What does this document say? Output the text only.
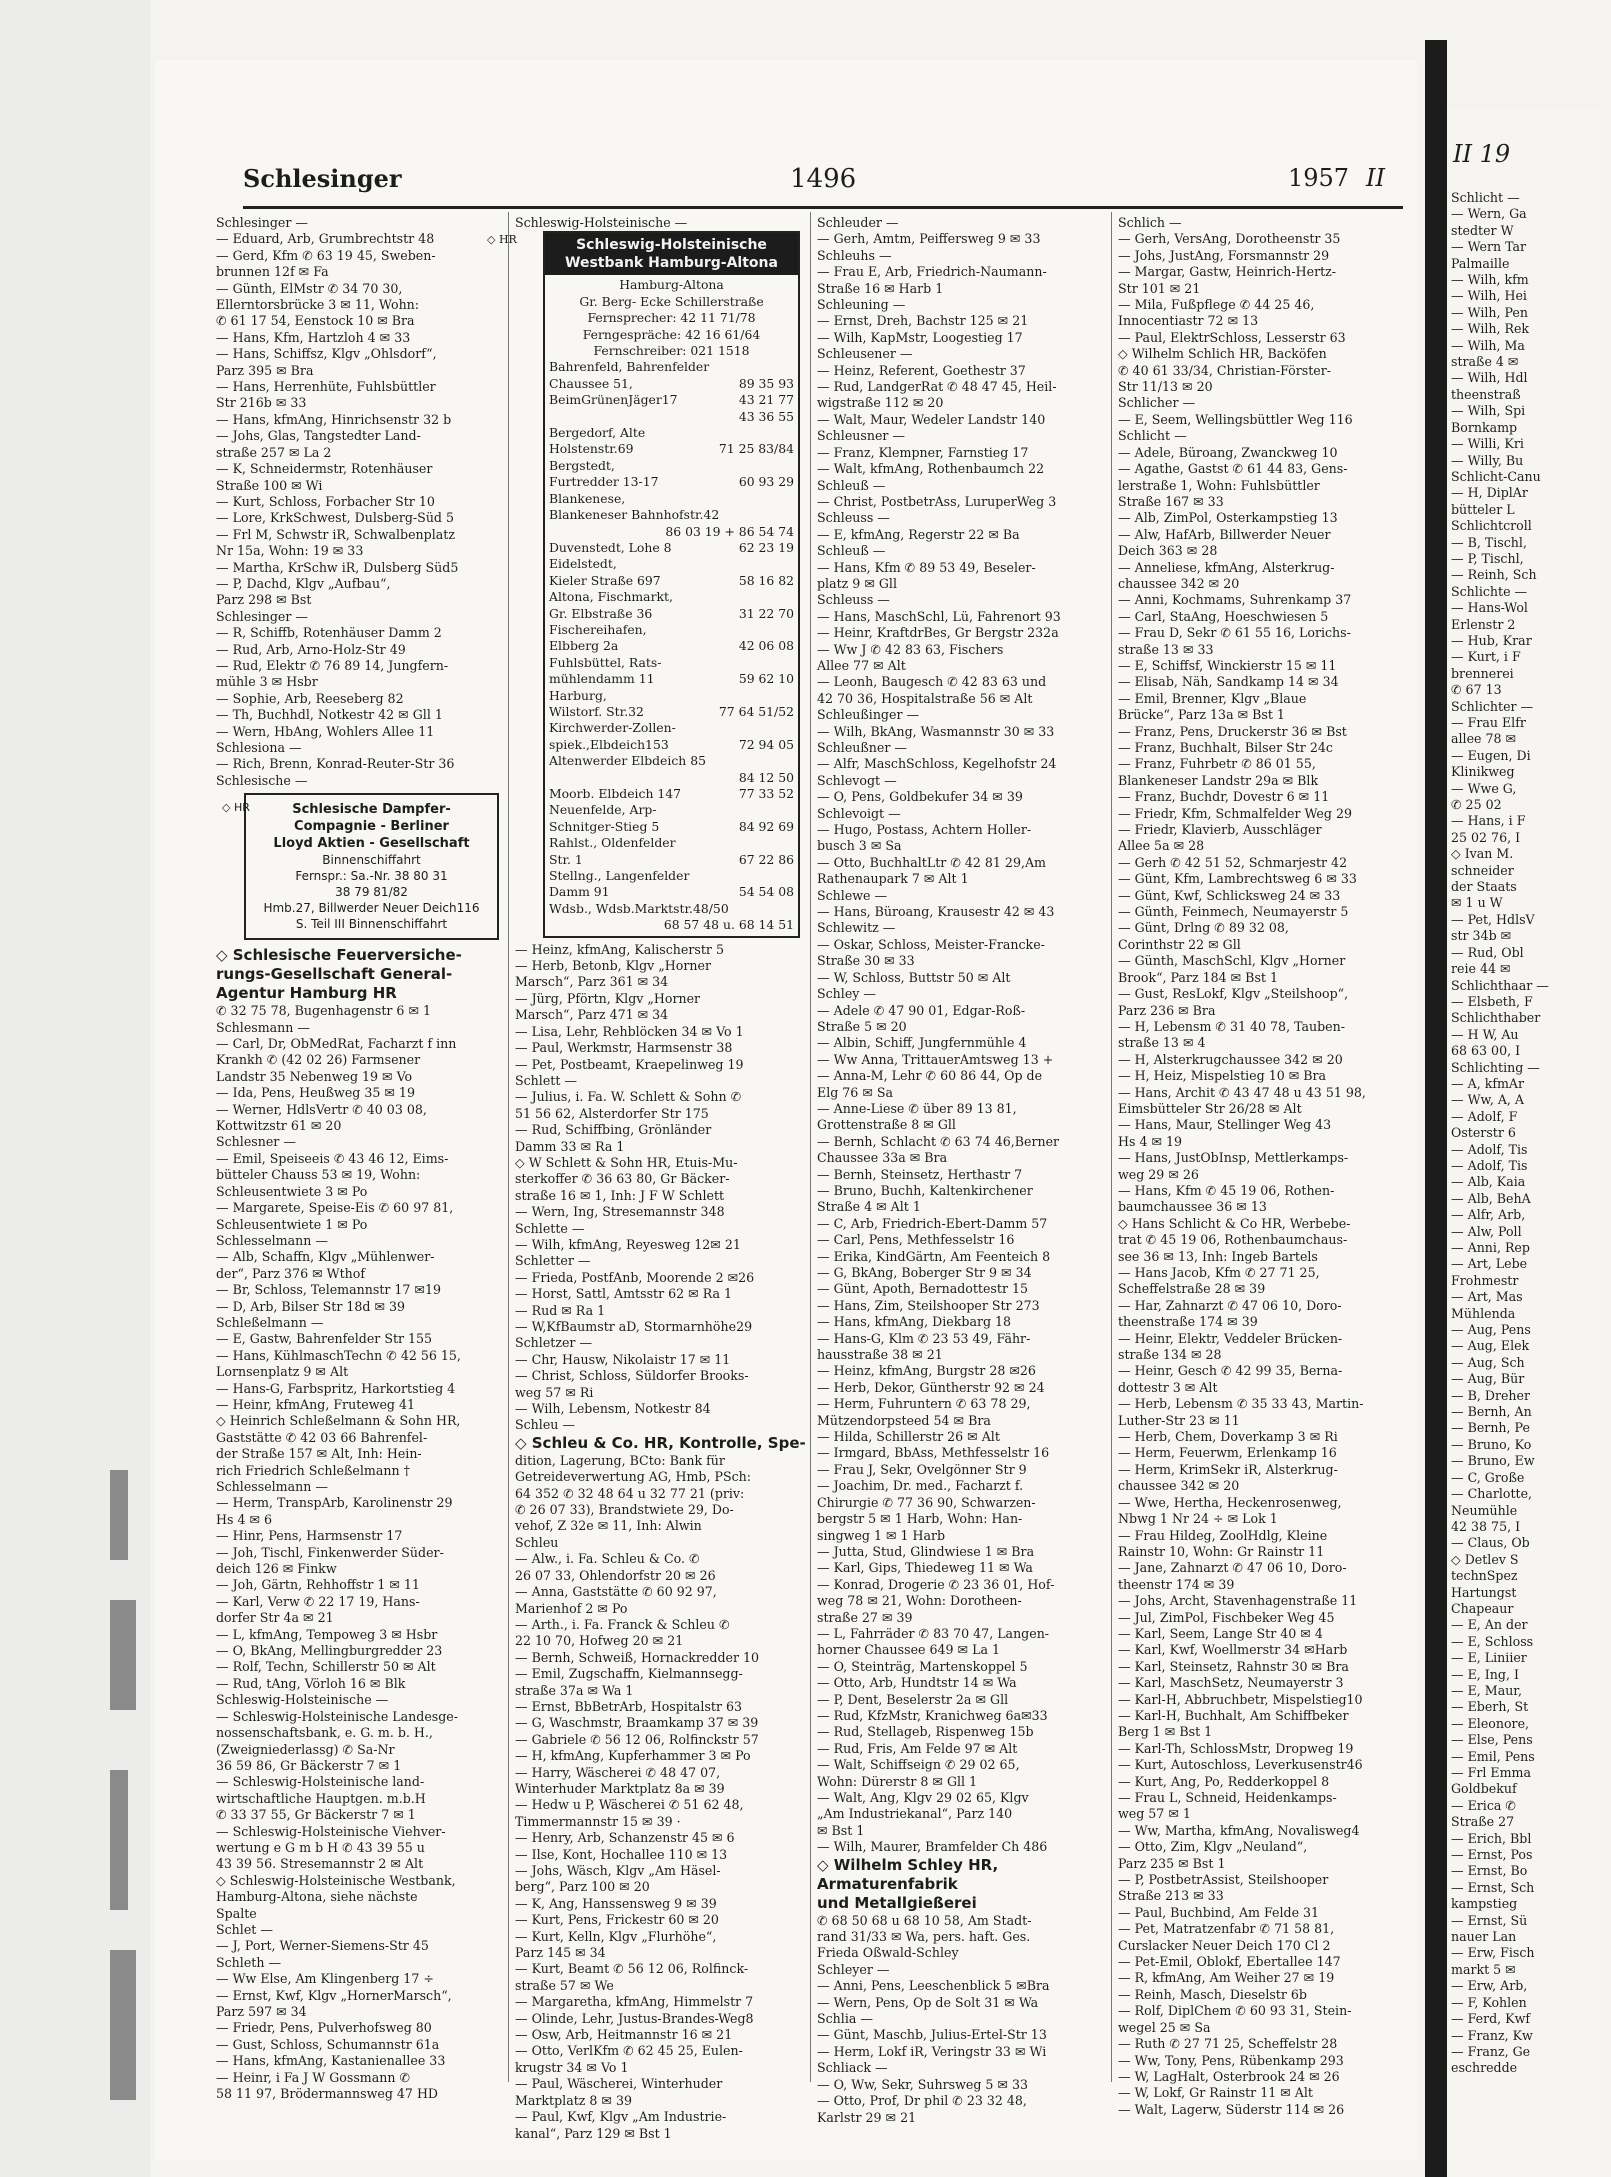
Schlesinger	1496	1957 II
Schlesinger —
— Eduard, Arb, Grumbrechtstr 48
— Gerd, Kfm ✆ 63 19 45, Sweben-
brunnen 12f ✉ Fa
— Günth, ElMstr ✆ 34 70 30,
Ellerntorsbrücke 3 ✉ 11, Wohn:
✆ 61 17 54, Eenstock 10 ✉ Bra
— Hans, Kfm, Hartzloh 4 ✉ 33
— Hans, Schiffsz, Klgv „Ohlsdorf“,
Parz 395 ✉ Bra
— Hans, Herrenhüte, Fuhlsbüttler
Str 216b ✉ 33
— Hans, kfmAng, Hinrichsenstr 32 b
— Johs, Glas, Tangstedter Land-
straße 257 ✉ La 2
— K, Schneidermstr, Rotenhäuser
Straße 100 ✉ Wi
— Kurt, Schloss, Forbacher Str 10
— Lore, KrkSchwest, Dulsberg-Süd 5
— Frl M, Schwstr iR, Schwalbenplatz
Nr 15a, Wohn: 19 ✉ 33
— Martha, KrSchw iR, Dulsberg Süd5
— P, Dachd, Klgv „Aufbau“,
Parz 298 ✉ Bst
Schlesinger —
— R, Schiffb, Rotenhäuser Damm 2
— Rud, Arb, Arno-Holz-Str 49
— Rud, Elektr ✆ 76 89 14, Jungfern-
mühle 3 ✉ Hsbr
— Sophie, Arb, Reeseberg 82
— Th, Buchhdl, Notkestr 42 ✉ Gll 1
— Wern, HbAng, Wohlers Allee 11
Schlesiona —
— Rich, Brenn, Konrad-Reuter-Str 36
Schlesische —
◇ HR	Schlesische Dampfer-
Compagnie - Berliner
Lloyd Aktien - Gesellschaft
Binnenschiffahrt
Fernspr.: Sa.-Nr. 38 80 31
38 79 81/82
Hmb.27, Billwerder Neuer Deich116
S. Teil III Binnenschiffahrt
◇ Schlesische Feuerversiche-
rungs-Gesellschaft General-
Agentur Hamburg HR
✆ 32 75 78, Bugenhagenstr 6 ✉ 1
Schlesmann —
— Carl, Dr, ObMedRat, Facharzt f inn
Krankh ✆ (42 02 26) Farmsener
Landstr 35 Nebenweg 19 ✉ Vo
— Ida, Pens, Heußweg 35 ✉ 19
— Werner, HdlsVertr ✆ 40 03 08,
Kottwitzstr 61 ✉ 20
Schlesner —
— Emil, Speiseeis ✆ 43 46 12, Eims-
bütteler Chauss 53 ✉ 19, Wohn:
Schleusentwiete 3 ✉ Po
— Margarete, Speise-Eis ✆ 60 97 81,
Schleusentwiete 1 ✉ Po
Schlesselmann —
— Alb, Schaffn, Klgv „Mühlenwer-
der“, Parz 376 ✉ Wthof
— Br, Schloss, Telemannstr 17 ✉19
— D, Arb, Bilser Str 18d ✉ 39
Schleßelmann —
— E, Gastw, Bahrenfelder Str 155
— Hans, KühlmaschTechn ✆ 42 56 15,
Lornsenplatz 9 ✉ Alt
— Hans-G, Farbspritz, Harkortstieg 4
— Heinr, kfmAng, Fruteweg 41
◇ Heinrich Schleßelmann & Sohn HR,
Gaststätte ✆ 42 03 66 Bahrenfel-
der Straße 157 ✉ Alt, Inh: Hein-
rich Friedrich Schleßelmann †
Schlesselmann —
— Herm, TranspArb, Karolinenstr 29
Hs 4 ✉ 6
— Hinr, Pens, Harmsenstr 17
— Joh, Tischl, Finkenwerder Süder-
deich 126 ✉ Finkw
— Joh, Gärtn, Rehhoffstr 1 ✉ 11
— Karl, Verw ✆ 22 17 19, Hans-
dorfer Str 4a ✉ 21
— L, kfmAng, Tempoweg 3 ✉ Hsbr
— O, BkAng, Mellingburgredder 23
— Rolf, Techn, Schillerstr 50 ✉ Alt
— Rud, tAng, Vörloh 16 ✉ Blk
Schleswig-Holsteinische —
— Schleswig-Holsteinische Landesge-
nossenschaftsbank, e. G. m. b. H.,
(Zweigniederlassg) ✆ Sa-Nr
36 59 86, Gr Bäckerstr 7 ✉ 1
— Schleswig-Holsteinische land-
wirtschaftliche Hauptgen. m.b.H
✆ 33 37 55, Gr Bäckerstr 7 ✉ 1
— Schleswig-Holsteinische Viehver-
wertung e G m b H ✆ 43 39 55 u
43 39 56. Stresemannstr 2 ✉ Alt
◇ Schleswig-Holsteinische Westbank,
Hamburg-Altona, siehe nächste
Spalte
Schlet —
— J, Port, Werner-Siemens-Str 45
Schleth —
— Ww Else, Am Klingenberg 17 ÷
— Ernst, Kwf, Klgv „HornerMarsch“,
Parz 597 ✉ 34
— Friedr, Pens, Pulverhofsweg 80
— Gust, Schloss, Schumannstr 61a
— Hans, kfmAng, Kastanienallee 33
— Heinr, i Fa J W Gossmann ✆
58 11 97, Brödermannsweg 47 HD
Schleswig-Holsteinische —
◇ HR	Schleswig-Holsteinische
Westbank Hamburg-Altona
Hamburg-Altona
Gr. Berg- Ecke Schillerstraße
Fernsprecher: 42 11 71/78
Ferngespräche: 42 16 61/64
Fernschreiber: 021 1518
Bahrenfeld, Bahrenfelder
Chaussee 51,	89 35 93
BeimGrünenJäger17	43 21 77
43 36 55
Bergedorf, Alte
Holstenstr.69	71 25 83/84
Bergstedt,
Furtredder 13-17	60 93 29
Blankenese,
Blankeneser Bahnhofstr.42
86 03 19 + 86 54 74
Duvenstedt, Lohe 8	62 23 19
Eidelstedt,
Kieler Straße 697	58 16 82
Altona, Fischmarkt,
Gr. Elbstraße 36	31 22 70
Fischereihafen,
Elbberg 2a	42 06 08
Fuhlsbüttel, Rats-
mühlendamm 11	59 62 10
Harburg,
Wilstorf. Str.32	77 64 51/52
Kirchwerder-Zollen-
spiek.,Elbdeich153	72 94 05
Altenwerder Elbdeich 85
84 12 50
Moorb. Elbdeich 147	77 33 52
Neuenfelde, Arp-
Schnitger-Stieg 5	84 92 69
Rahlst., Oldenfelder
Str. 1	67 22 86
Stellng., Langenfelder
Damm 91	54 54 08
Wdsb., Wdsb.Marktstr.48/50
68 57 48 u. 68 14 51
— Heinz, kfmAng, Kalischerstr 5
— Herb, Betonb, Klgv „Horner
Marsch“, Parz 361 ✉ 34
— Jürg, Pförtn, Klgv „Horner
Marsch“, Parz 471 ✉ 34
— Lisa, Lehr, Rehblöcken 34 ✉ Vo 1
— Paul, Werkmstr, Harmsenstr 38
— Pet, Postbeamt, Kraepelinweg 19
Schlett —
— Julius, i. Fa. W. Schlett & Sohn ✆
51 56 62, Alsterdorfer Str 175
— Rud, Schiffbing, Grönländer
Damm 33 ✉ Ra 1
◇ W Schlett & Sohn HR, Etuis-Mu-
sterkoffer ✆ 36 63 80, Gr Bäcker-
straße 16 ✉ 1, Inh: J F W Schlett
— Wern, Ing, Stresemannstr 348
Schlette —
— Wilh, kfmAng, Reyesweg 12✉ 21
Schletter —
— Frieda, PostfAnb, Moorende 2 ✉26
— Horst, Sattl, Amtsstr 62 ✉ Ra 1
— Rud ✉ Ra 1
— W,KfBaumstr aD, Stormarnhöhe29
Schletzer —
— Chr, Hausw, Nikolaistr 17 ✉ 11
— Christ, Schloss, Süldorfer Brooks-
weg 57 ✉ Ri
— Wilh, Lebensm, Notkestr 84
Schleu —
◇ Schleu & Co. HR, Kontrolle, Spe-
dition, Lagerung, BCto: Bank für
Getreideverwertung AG, Hmb, PSch:
64 352 ✆ 32 48 64 u 32 77 21 (priv:
✆ 26 07 33), Brandstwiete 29, Do-
vehof, Z 32e ✉ 11, Inh: Alwin
Schleu
— Alw., i. Fa. Schleu & Co. ✆
26 07 33, Ohlendorfstr 20 ✉ 26
— Anna, Gaststätte ✆ 60 92 97,
Marienhof 2 ✉ Po
— Arth., i. Fa. Franck & Schleu ✆
22 10 70, Hofweg 20 ✉ 21
— Bernh, Schweiß, Hornackredder 10
— Emil, Zugschaffn, Kielmannsegg-
straße 37a ✉ Wa 1
— Ernst, BbBetrArb, Hospitalstr 63
— G, Waschmstr, Braamkamp 37 ✉ 39
— Gabriele ✆ 56 12 06, Rolfinckstr 57
— H, kfmAng, Kupferhammer 3 ✉ Po
— Harry, Wäscherei ✆ 48 47 07,
Winterhuder Marktplatz 8a ✉ 39
— Hedw u P, Wäscherei ✆ 51 62 48,
Timmermannstr 15 ✉ 39 ·
— Henry, Arb, Schanzenstr 45 ✉ 6
— Ilse, Kont, Hochallee 110 ✉ 13
— Johs, Wäsch, Klgv „Am Häsel-
berg“, Parz 100 ✉ 20
— K, Ang, Hanssensweg 9 ✉ 39
— Kurt, Pens, Frickestr 60 ✉ 20
— Kurt, Kelln, Klgv „Flurhöhe“,
Parz 145 ✉ 34
— Kurt, Beamt ✆ 56 12 06, Rolfinck-
straße 57 ✉ We
— Margaretha, kfmAng, Himmelstr 7
— Olinde, Lehr, Justus-Brandes-Weg8
— Osw, Arb, Heitmannstr 16 ✉ 21
— Otto, VerlKfm ✆ 62 45 25, Eulen-
krugstr 34 ✉ Vo 1
— Paul, Wäscherei, Winterhuder
Marktplatz 8 ✉ 39
— Paul, Kwf, Klgv „Am Industrie-
kanal“, Parz 129 ✉ Bst 1
Schleuder —
— Gerh, Amtm, Peiffersweg 9 ✉ 33
Schleuhs —
— Frau E, Arb, Friedrich-Naumann-
Straße 16 ✉ Harb 1
Schleuning —
— Ernst, Dreh, Bachstr 125 ✉ 21
— Wilh, KapMstr, Loogestieg 17
Schleusener —
— Heinz, Referent, Goethestr 37
— Rud, LandgerRat ✆ 48 47 45, Heil-
wigstraße 112 ✉ 20
— Walt, Maur, Wedeler Landstr 140
Schleusner —
— Franz, Klempner, Farnstieg 17
— Walt, kfmAng, Rothenbaumch 22
Schleuß —
— Christ, PostbetrAss, LuruperWeg 3
Schleuss —
— E, kfmAng, Regerstr 22 ✉ Ba
Schleuß —
— Hans, Kfm ✆ 89 53 49, Beseler-
platz 9 ✉ Gll
Schleuss —
— Hans, MaschSchl, Lü, Fahrenort 93
— Heinr, KraftdrBes, Gr Bergstr 232a
— Ww J ✆ 42 83 63, Fischers
Allee 77 ✉ Alt
— Leonh, Baugesch ✆ 42 83 63 und
42 70 36, Hospitalstraße 56 ✉ Alt
Schleußinger —
— Wilh, BkAng, Wasmannstr 30 ✉ 33
Schleußner —
— Alfr, MaschSchloss, Kegelhofstr 24
Schlevogt —
— O, Pens, Goldbekufer 34 ✉ 39
Schlevoigt —
— Hugo, Postass, Achtern Holler-
busch 3 ✉ Sa
— Otto, BuchhaltLtr ✆ 42 81 29,Am
Rathenaupark 7 ✉ Alt 1
Schlewe —
— Hans, Büroang, Krausestr 42 ✉ 43
Schlewitz —
— Oskar, Schloss, Meister-Francke-
Straße 30 ✉ 33
— W, Schloss, Buttstr 50 ✉ Alt
Schley —
— Adele ✆ 47 90 01, Edgar-Roß-
Straße 5 ✉ 20
— Albin, Schiff, Jungfernmühle 4
— Ww Anna, TrittauerAmtsweg 13 +
— Anna-M, Lehr ✆ 60 86 44, Op de
Elg 76 ✉ Sa
— Anne-Liese ✆ über 89 13 81,
Grottenstraße 8 ✉ Gll
— Bernh, Schlacht ✆ 63 74 46,Berner
Chaussee 33a ✉ Bra
— Bernh, Steinsetz, Herthastr 7
— Bruno, Buchh, Kaltenkirchener
Straße 4 ✉ Alt 1
— C, Arb, Friedrich-Ebert-Damm 57
— Carl, Pens, Methfesselstr 16
— Erika, KindGärtn, Am Feenteich 8
— G, BkAng, Boberger Str 9 ✉ 34
— Günt, Apoth, Bernadottestr 15
— Hans, Zim, Steilshooper Str 273
— Hans, kfmAng, Diekbarg 18
— Hans-G, Klm ✆ 23 53 49, Fähr-
hausstraße 38 ✉ 21
— Heinz, kfmAng, Burgstr 28 ✉26
— Herb, Dekor, Güntherstr 92 ✉ 24
— Herm, Fuhruntern ✆ 63 78 29,
Mützendorpsteed 54 ✉ Bra
— Hilda, Schillerstr 26 ✉ Alt
— Irmgard, BbAss, Methfesselstr 16
— Frau J, Sekr, Ovelgönner Str 9
— Joachim, Dr. med., Facharzt f.
Chirurgie ✆ 77 36 90, Schwarzen-
bergstr 5 ✉ 1 Harb, Wohn: Han-
singweg 1 ✉ 1 Harb
— Jutta, Stud, Glindwiese 1 ✉ Bra
— Karl, Gips, Thiedeweg 11 ✉ Wa
— Konrad, Drogerie ✆ 23 36 01, Hof-
weg 78 ✉ 21, Wohn: Dorotheen-
straße 27 ✉ 39
— L, Fahrräder ✆ 83 70 47, Langen-
horner Chaussee 649 ✉ La 1
— O, Steinträg, Martenskoppel 5
— Otto, Arb, Hundtstr 14 ✉ Wa
— P, Dent, Beselerstr 2a ✉ Gll
— Rud, KfzMstr, Kranichweg 6a✉33
— Rud, Stellageb, Rispenweg 15b
— Rud, Fris, Am Felde 97 ✉ Alt
— Walt, Schiffseign ✆ 29 02 65,
Wohn: Dürerstr 8 ✉ Gll 1
— Walt, Ang, Klgv 29 02 65, Klgv
„Am Industriekanal“, Parz 140
✉ Bst 1
— Wilh, Maurer, Bramfelder Ch 486
◇ Wilhelm Schley HR,
Armaturenfabrik
und Metallgießerei
✆ 68 50 68 u 68 10 58, Am Stadt-
rand 31/33 ✉ Wa, pers. haft. Ges.
Frieda Oßwald-Schley
Schleyer —
— Anni, Pens, Leeschenblick 5 ✉Bra
— Wern, Pens, Op de Solt 31 ✉ Wa
Schlia —
— Günt, Maschb, Julius-Ertel-Str 13
— Herm, Lokf iR, Veringstr 33 ✉ Wi
Schliack —
— O, Ww, Sekr, Suhrsweg 5 ✉ 33
— Otto, Prof, Dr phil ✆ 23 32 48,
Karlstr 29 ✉ 21
Schlich —
— Gerh, VersAng, Dorotheenstr 35
— Johs, JustAng, Forsmannstr 29
— Margar, Gastw, Heinrich-Hertz-
Str 101 ✉ 21
— Mila, Fußpflege ✆ 44 25 46,
Innocentiastr 72 ✉ 13
— Paul, ElektrSchloss, Lesserstr 63
◇ Wilhelm Schlich HR, Backöfen
✆ 40 61 33/34, Christian-Förster-
Str 11/13 ✉ 20
Schlicher —
— E, Seem, Wellingsbüttler Weg 116
Schlicht —
— Adele, Büroang, Zwanckweg 10
— Agathe, Gastst ✆ 61 44 83, Gens-
lerstraße 1, Wohn: Fuhlsbüttler
Straße 167 ✉ 33
— Alb, ZimPol, Osterkampstieg 13
— Alw, HafArb, Billwerder Neuer
Deich 363 ✉ 28
— Anneliese, kfmAng, Alsterkrug-
chaussee 342 ✉ 20
— Anni, Kochmams, Suhrenkamp 37
— Carl, StaAng, Hoeschwiesen 5
— Frau D, Sekr ✆ 61 55 16, Lorichs-
straße 13 ✉ 33
— E, Schiffsf, Winckierstr 15 ✉ 11
— Elisab, Näh, Sandkamp 14 ✉ 34
— Emil, Brenner, Klgv „Blaue
Brücke“, Parz 13a ✉ Bst 1
— Franz, Pens, Druckerstr 36 ✉ Bst
— Franz, Buchhalt, Bilser Str 24c
— Franz, Fuhrbetr ✆ 86 01 55,
Blankeneser Landstr 29a ✉ Blk
— Franz, Buchdr, Dovestr 6 ✉ 11
— Friedr, Kfm, Schmalfelder Weg 29
— Friedr, Klavierb, Ausschläger
Allee 5a ✉ 28
— Gerh ✆ 42 51 52, Schmarjestr 42
— Günt, Kfm, Lambrechtsweg 6 ✉ 33
— Günt, Kwf, Schlicksweg 24 ✉ 33
— Günth, Feinmech, Neumayerstr 5
— Günt, Drlng ✆ 89 32 08,
Corinthstr 22 ✉ Gll
— Günth, MaschSchl, Klgv „Horner
Brook“, Parz 184 ✉ Bst 1
— Gust, ResLokf, Klgv „Steilshoop“,
Parz 236 ✉ Bra
— H, Lebensm ✆ 31 40 78, Tauben-
straße 13 ✉ 4
— H, Alsterkrugchaussee 342 ✉ 20
— H, Heiz, Mispelstieg 10 ✉ Bra
— Hans, Archit ✆ 43 47 48 u 43 51 98,
Eimsbütteler Str 26/28 ✉ Alt
— Hans, Maur, Stellinger Weg 43
Hs 4 ✉ 19
— Hans, JustObInsp, Mettlerkamps-
weg 29 ✉ 26
— Hans, Kfm ✆ 45 19 06, Rothen-
baumchaussee 36 ✉ 13
◇ Hans Schlicht & Co HR, Werbebe-
trat ✆ 45 19 06, Rothenbaumchaus-
see 36 ✉ 13, Inh: Ingeb Bartels
— Hans Jacob, Kfm ✆ 27 71 25,
Scheffelstraße 28 ✉ 39
— Har, Zahnarzt ✆ 47 06 10, Doro-
theenstraße 174 ✉ 39
— Heinr, Elektr, Veddeler Brücken-
straße 134 ✉ 28
— Heinr, Gesch ✆ 42 99 35, Berna-
dottestr 3 ✉ Alt
— Herb, Lebensm ✆ 35 33 43, Martin-
Luther-Str 23 ✉ 11
— Herb, Chem, Doverkamp 3 ✉ Ri
— Herm, Feuerwm, Erlenkamp 16
— Herm, KrimSekr iR, Alsterkrug-
chaussee 342 ✉ 20
— Wwe, Hertha, Heckenrosenweg,
Nbwg 1 Nr 24 ÷ ✉ Lok 1
— Frau Hildeg, ZoolHdlg, Kleine
Rainstr 10, Wohn: Gr Rainstr 11
— Jane, Zahnarzt ✆ 47 06 10, Doro-
theenstr 174 ✉ 39
— Johs, Archt, Stavenhagenstraße 11
— Jul, ZimPol, Fischbeker Weg 45
— Karl, Seem, Lange Str 40 ✉ 4
— Karl, Kwf, Woellmerstr 34 ✉Harb
— Karl, Steinsetz, Rahnstr 30 ✉ Bra
— Karl, MaschSetz, Neumayerstr 3
— Karl-H, Abbruchbetr, Mispelstieg10
— Karl-H, Buchhalt, Am Schiffbeker
Berg 1 ✉ Bst 1
— Karl-Th, SchlossMstr, Dropweg 19
— Kurt, Autoschloss, Leverkusenstr46
— Kurt, Ang, Po, Redderkoppel 8
— Frau L, Schneid, Heidenkamps-
weg 57 ✉ 1
— Ww, Martha, kfmAng, Novalisweg4
— Otto, Zim, Klgv „Neuland“,
Parz 235 ✉ Bst 1
— P, PostbetrAssist, Steilshooper
Straße 213 ✉ 33
— Paul, Buchbind, Am Felde 31
— Pet, Matratzenfabr ✆ 71 58 81,
Curslacker Neuer Deich 170 Cl 2
— Pet-Emil, Oblokf, Ebertallee 147
— R, kfmAng, Am Weiher 27 ✉ 19
— Reinh, Masch, Dieselstr 6b
— Rolf, DiplChem ✆ 60 93 31, Stein-
wegel 25 ✉ Sa
— Ruth ✆ 27 71 25, Scheffelstr 28
— Ww, Tony, Pens, Rübenkamp 293
— W, LagHalt, Osterbrook 24 ✉ 26
— W, Lokf, Gr Rainstr 11 ✉ Alt
— Walt, Lagerw, Süderstr 114 ✉ 26
II 19
Schlicht —
— Wern, Ga
stedter W
— Wern Tar
Palmaille
— Wilh, kfm
— Wilh, Hei
— Wilh, Pen
— Wilh, Rek
— Wilh, Ma
straße 4 ✉
— Wilh, Hdl
theenstraß
— Wilh, Spi
Bornkamp
— Willi, Kri
— Willy, Bu
Schlicht-Canu
— H, DiplAr
bütteler L
Schlichtcroll
— B, Tischl,
— P, Tischl,
— Reinh, Sch
Schlichte —
— Hans-Wol
Erlenstr 2
— Hub, Krar
— Kurt, i F
brennerei
✆ 67 13
Schlichter —
— Frau Elfr
allee 78 ✉
— Eugen, Di
Klinikweg
— Wwe G,
✆ 25 02
— Hans, i F
25 02 76, I
◇ Ivan M.
schneider
der Staats
✉ 1 u W
— Pet, HdlsV
str 34b ✉
— Rud, Obl
reie 44 ✉
Schlichthaar —
— Elsbeth, F
Schlichthaber
— H W, Au
68 63 00, I
Schlichting —
— A, kfmAr
— Ww, A, A
— Adolf, F
Osterstr 6
— Adolf, Tis
— Adolf, Tis
— Alb, Kaia
— Alb, BehA
— Alfr, Arb,
— Alw, Poll
— Anni, Rep
— Art, Lebe
Frohmestr
— Art, Mas
Mühlenda
— Aug, Pens
— Aug, Elek
— Aug, Sch
— Aug, Bür
— B, Dreher
— Bernh, An
— Bernh, Pe
— Bruno, Ko
— Bruno, Ew
— C, Große
— Charlotte,
Neumühle
42 38 75, I
— Claus, Ob
◇ Detlev S
technSpez
Hartungst
Chapeaur
— E, An der
— E, Schloss
— E, Liniier
— E, Ing, I
— E, Maur,
— Eberh, St
— Eleonore,
— Else, Pens
— Emil, Pens
— Frl Emma
Goldbekuf
— Erica ✆
Straße 27
— Erich, Bbl
— Ernst, Pos
— Ernst, Bo
— Ernst, Sch
kampstieg
— Ernst, Sü
nauer Lan
— Erw, Fisch
markt 5 ✉
— Erw, Arb,
— F, Kohlen
— Ferd, Kwf
— Franz, Kw
— Franz, Ge
eschredde
